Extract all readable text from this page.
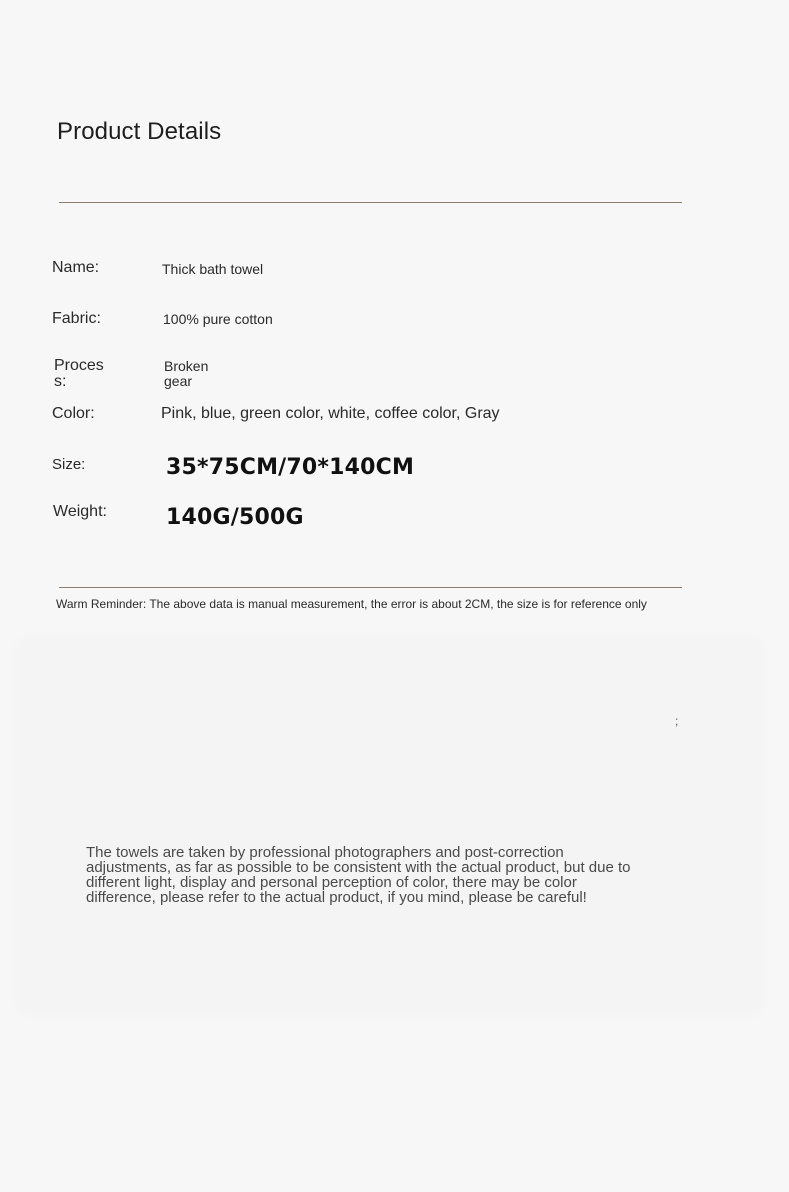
Product Details
Name:	Thick bath towel
Fabric:	100% pure cotton
Process:
Broken gear
Color:	Pink, blue, green color, white, coffee color, Gray
Size:	35*75CM/70*140CM
Weight:	140G/500G
Warm Reminder: The above data is manual measurement, the error is about 2CM, the size is for reference only
;
The towels are taken by professional photographers and post-correction adjustments, as far as possible to be consistent with the actual product, but due to different light, display and personal perception of color, there may be color difference, please refer to the actual product, if you mind, please be careful!
